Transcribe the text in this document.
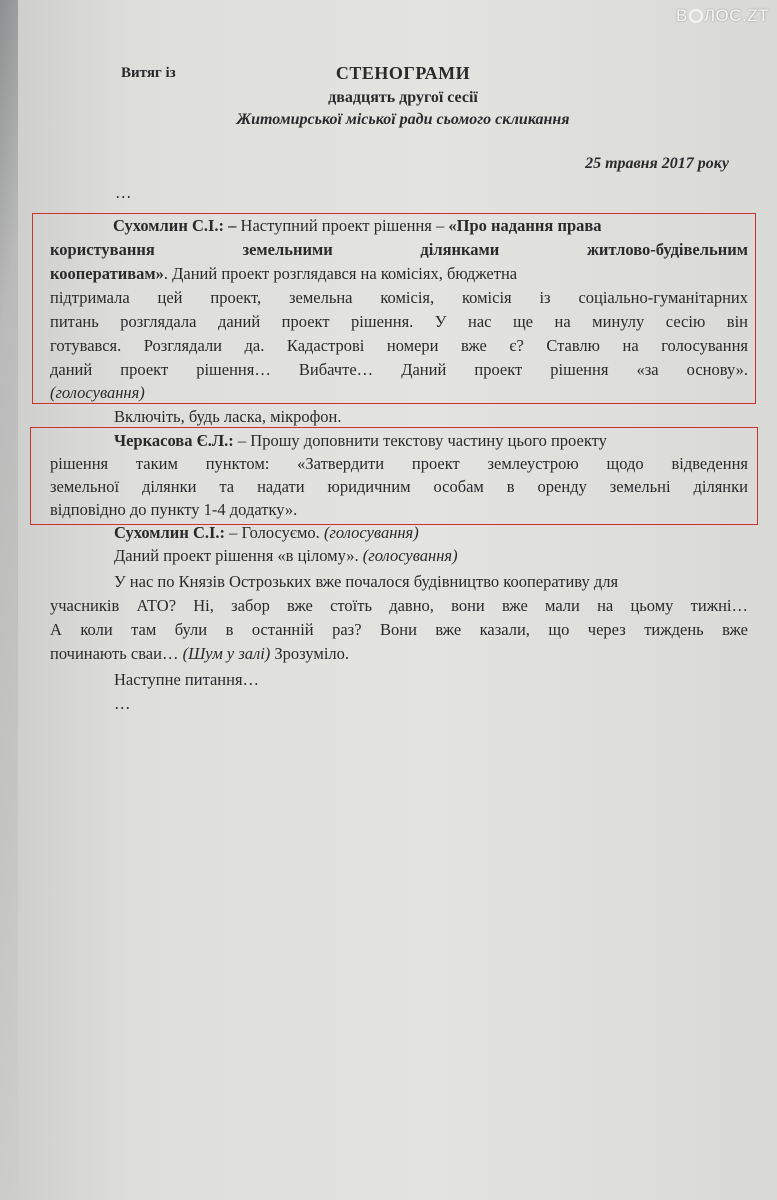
В ЛОС.ZT
Витяг із	СТЕНОГРАМИ
двадцять другої сесії
Житомирської міської ради сьомого скликання
25 травня 2017 року
…
Сухомлин С.І.: – Наступний проект рішення – «Про надання права
користування земельними ділянками житлово-будівельним
кооперативам». Даний проект розглядався на комісіях, бюджетна
підтримала цей проект, земельна комісія, комісія із соціально-гуманітарних
питань розглядала даний проект рішення. У нас ще на минулу сесію він
готувався. Розглядали да. Кадастрові номери вже є? Ставлю на голосування
даний проект рішення… Вибачте… Даний проект рішення «за основу».
(голосування)
Включіть, будь ласка, мікрофон.
Черкасова Є.Л.: – Прошу доповнити текстову частину цього проекту
рішення таким пунктом: «Затвердити проект землеустрою щодо відведення
земельної ділянки та надати юридичним особам в оренду земельні ділянки
відповідно до пункту 1-4 додатку».
Сухомлин С.І.: – Голосуємо. (голосування)
Даний проект рішення «в цілому». (голосування)
У нас по Князів Острозьких вже почалося будівництво кооперативу для
учасників АТО? Ні, забор вже стоїть давно, вони вже мали на цьому тижні…
А коли там були в останній раз? Вони вже казали, що через тиждень вже
починають сваи… (Шум у залі) Зрозуміло.
Наступне питання…
…
